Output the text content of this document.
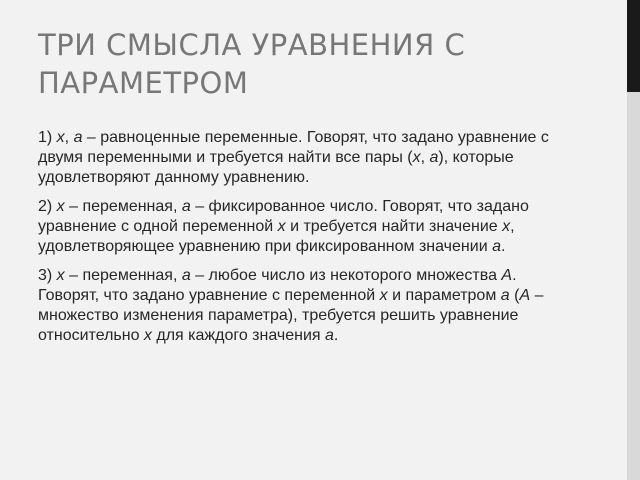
ТРИ СМЫСЛА УРАВНЕНИЯ С ПАРАМЕТРОМ

1) x, a – равноценные переменные. Говорят, что задано уравнение с двумя переменными и требуется найти все пары (x, a), которые удовлетворяют данному уравнению.

2) x – переменная, a – фиксированное число. Говорят, что задано уравнение с одной переменной x и требуется найти значение x, удовлетворяющее уравнению при фиксированном значении a.

3) x – переменная, a – любое число из некоторого множества А. Говорят, что задано уравнение с переменной x и параметром a (А – множество изменения параметра), требуется решить уравнение относительно x для каждого значения a.
